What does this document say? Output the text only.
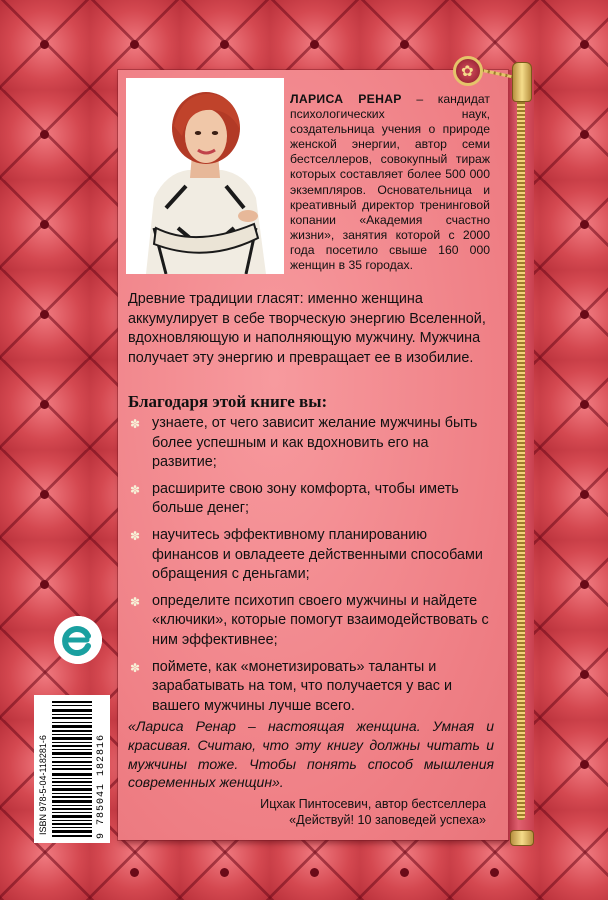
✿
ЛАРИСА РЕНАР – кандидат психологических наук, создательница учения о природе женской энергии, автор семи бестселлеров, совокупный тираж которых составляет более 500 000 экземпляров. Основательница и креативный директор тренинговой копании «Академия счастно жизни», занятия которой с 2000 года посетило свыше 160 000 женщин в 35 городах.
Древние традиции гласят: именно женщина аккумулирует в себе творческую энергию Вселенной, вдохновляющую и наполняющую мужчину. Мужчина получает эту энергию и превращает ее в изобилие.
Благодаря этой книге вы:
✽ узнаете, от чего зависит желание мужчины быть более успешным и как вдохновить его на развитие;
✽ расширите свою зону комфорта, чтобы иметь больше денег;
✽ научитесь эффективному планированию финансов и овладеете действенными способами обращения с деньгами;
✽ определите психотип своего мужчины и найдете «ключики», которые помогут взаимодействовать с ним эффективнее;
✽ поймете, как «монетизировать» таланты и зарабатывать на том, что получается у вас и вашего мужчины лучше всего.
«Лариса Ренар – настоящая женщина. Умная и красивая. Считаю, что эту книгу должны читать и мужчины тоже. Чтобы понять способ мышления современных женщин».
Ицхак Пинтосевич, автор бестселлера
«Действуй! 10 заповедей успеха»
ISBN 978-5-04-118281-6	9 785041 182816
